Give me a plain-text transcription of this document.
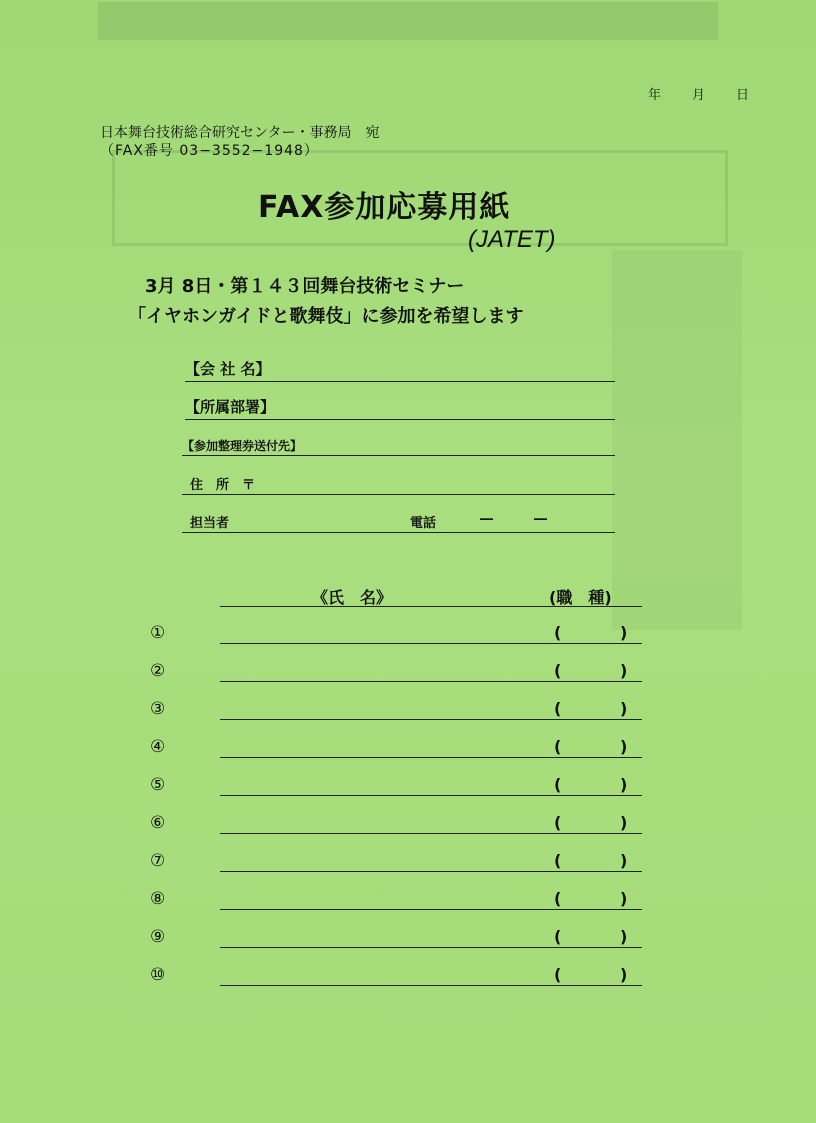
年 月 日
日本舞台技術総合研究センター・事務局　宛
（FAX番号 03−3552−1948）
FAX参加応募用紙
(JATET)
3月 8日・第１４３回舞台技術セミナー
「イヤホンガイドと歌舞伎」に参加を希望します
【会 社 名】
【所属部署】
【参加整理券送付先】
住　所　〒
担当者	電話	―	―
《氏　名》	(職　種)
①	(	)
②	(	)
③	(	)
④	(	)
⑤	(	)
⑥	(	)
⑦	(	)
⑧	(	)
⑨	(	)
⑩	(	)
